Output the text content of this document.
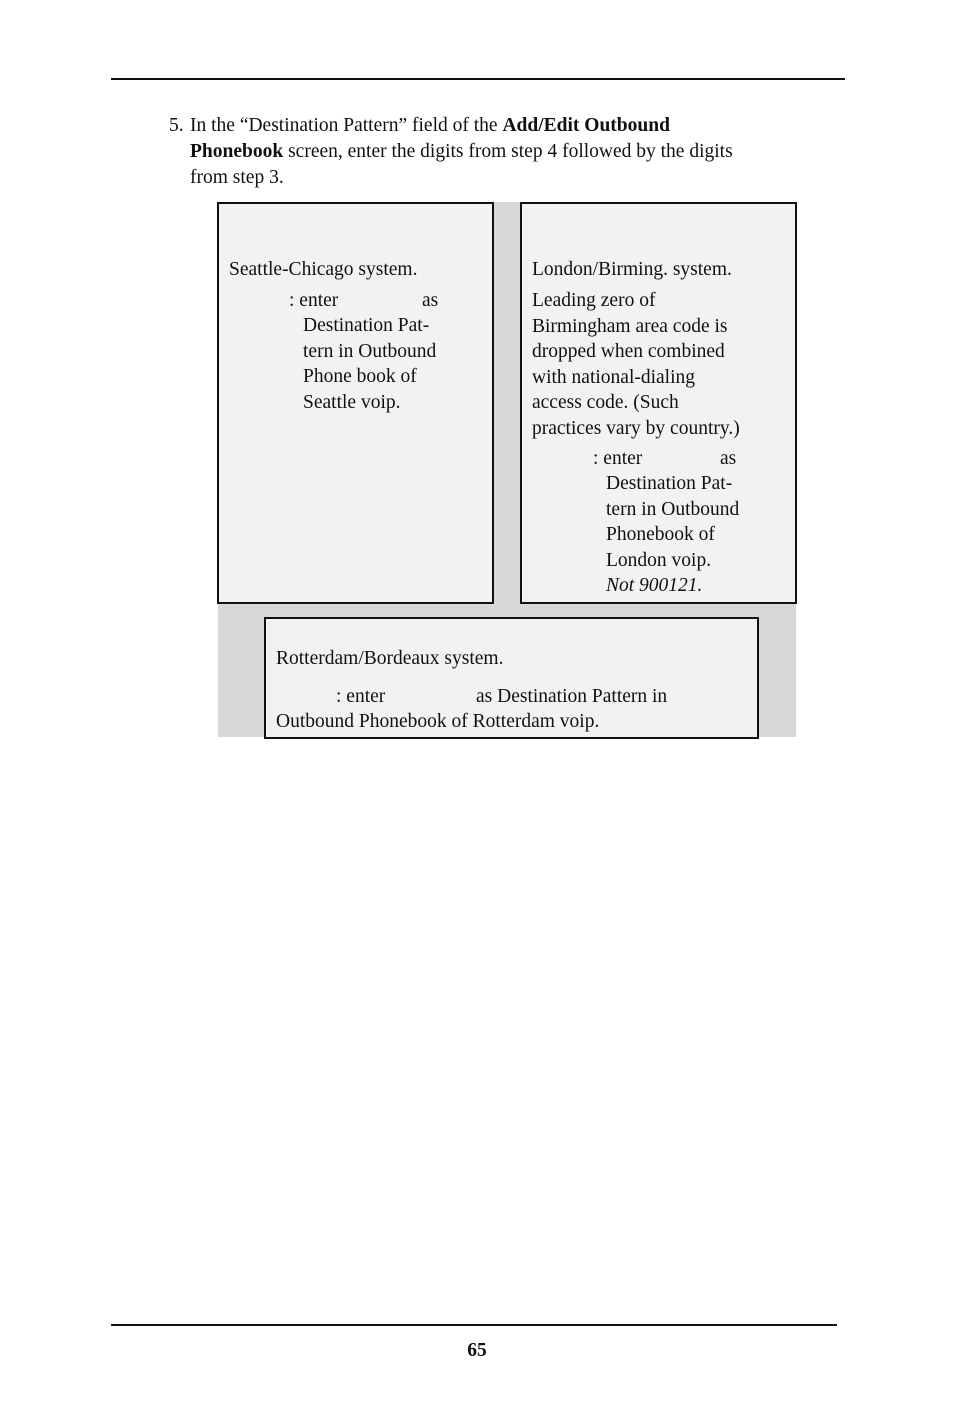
5. In the “Destination Pattern” field of the Add/Edit Outbound
Phonebook screen, enter the digits from step 4 followed by the digits
from step 3.
Seattle-Chicago system.
: enter	as

Destination Pat-

tern in Outbound

Phone book of

Seattle voip.

London/Birming. system.

Leading zero of

Birmingham area code is

dropped when combined

with national-dialing

access code. (Such

practices vary by country.)

: enter	as

Destination Pat-

tern in Outbound

Phonebook of

London voip.

Not 900121.

Rotterdam/Bordeaux system.
: enter	as Destination Pattern in
Outbound Phonebook of Rotterdam voip.
65
